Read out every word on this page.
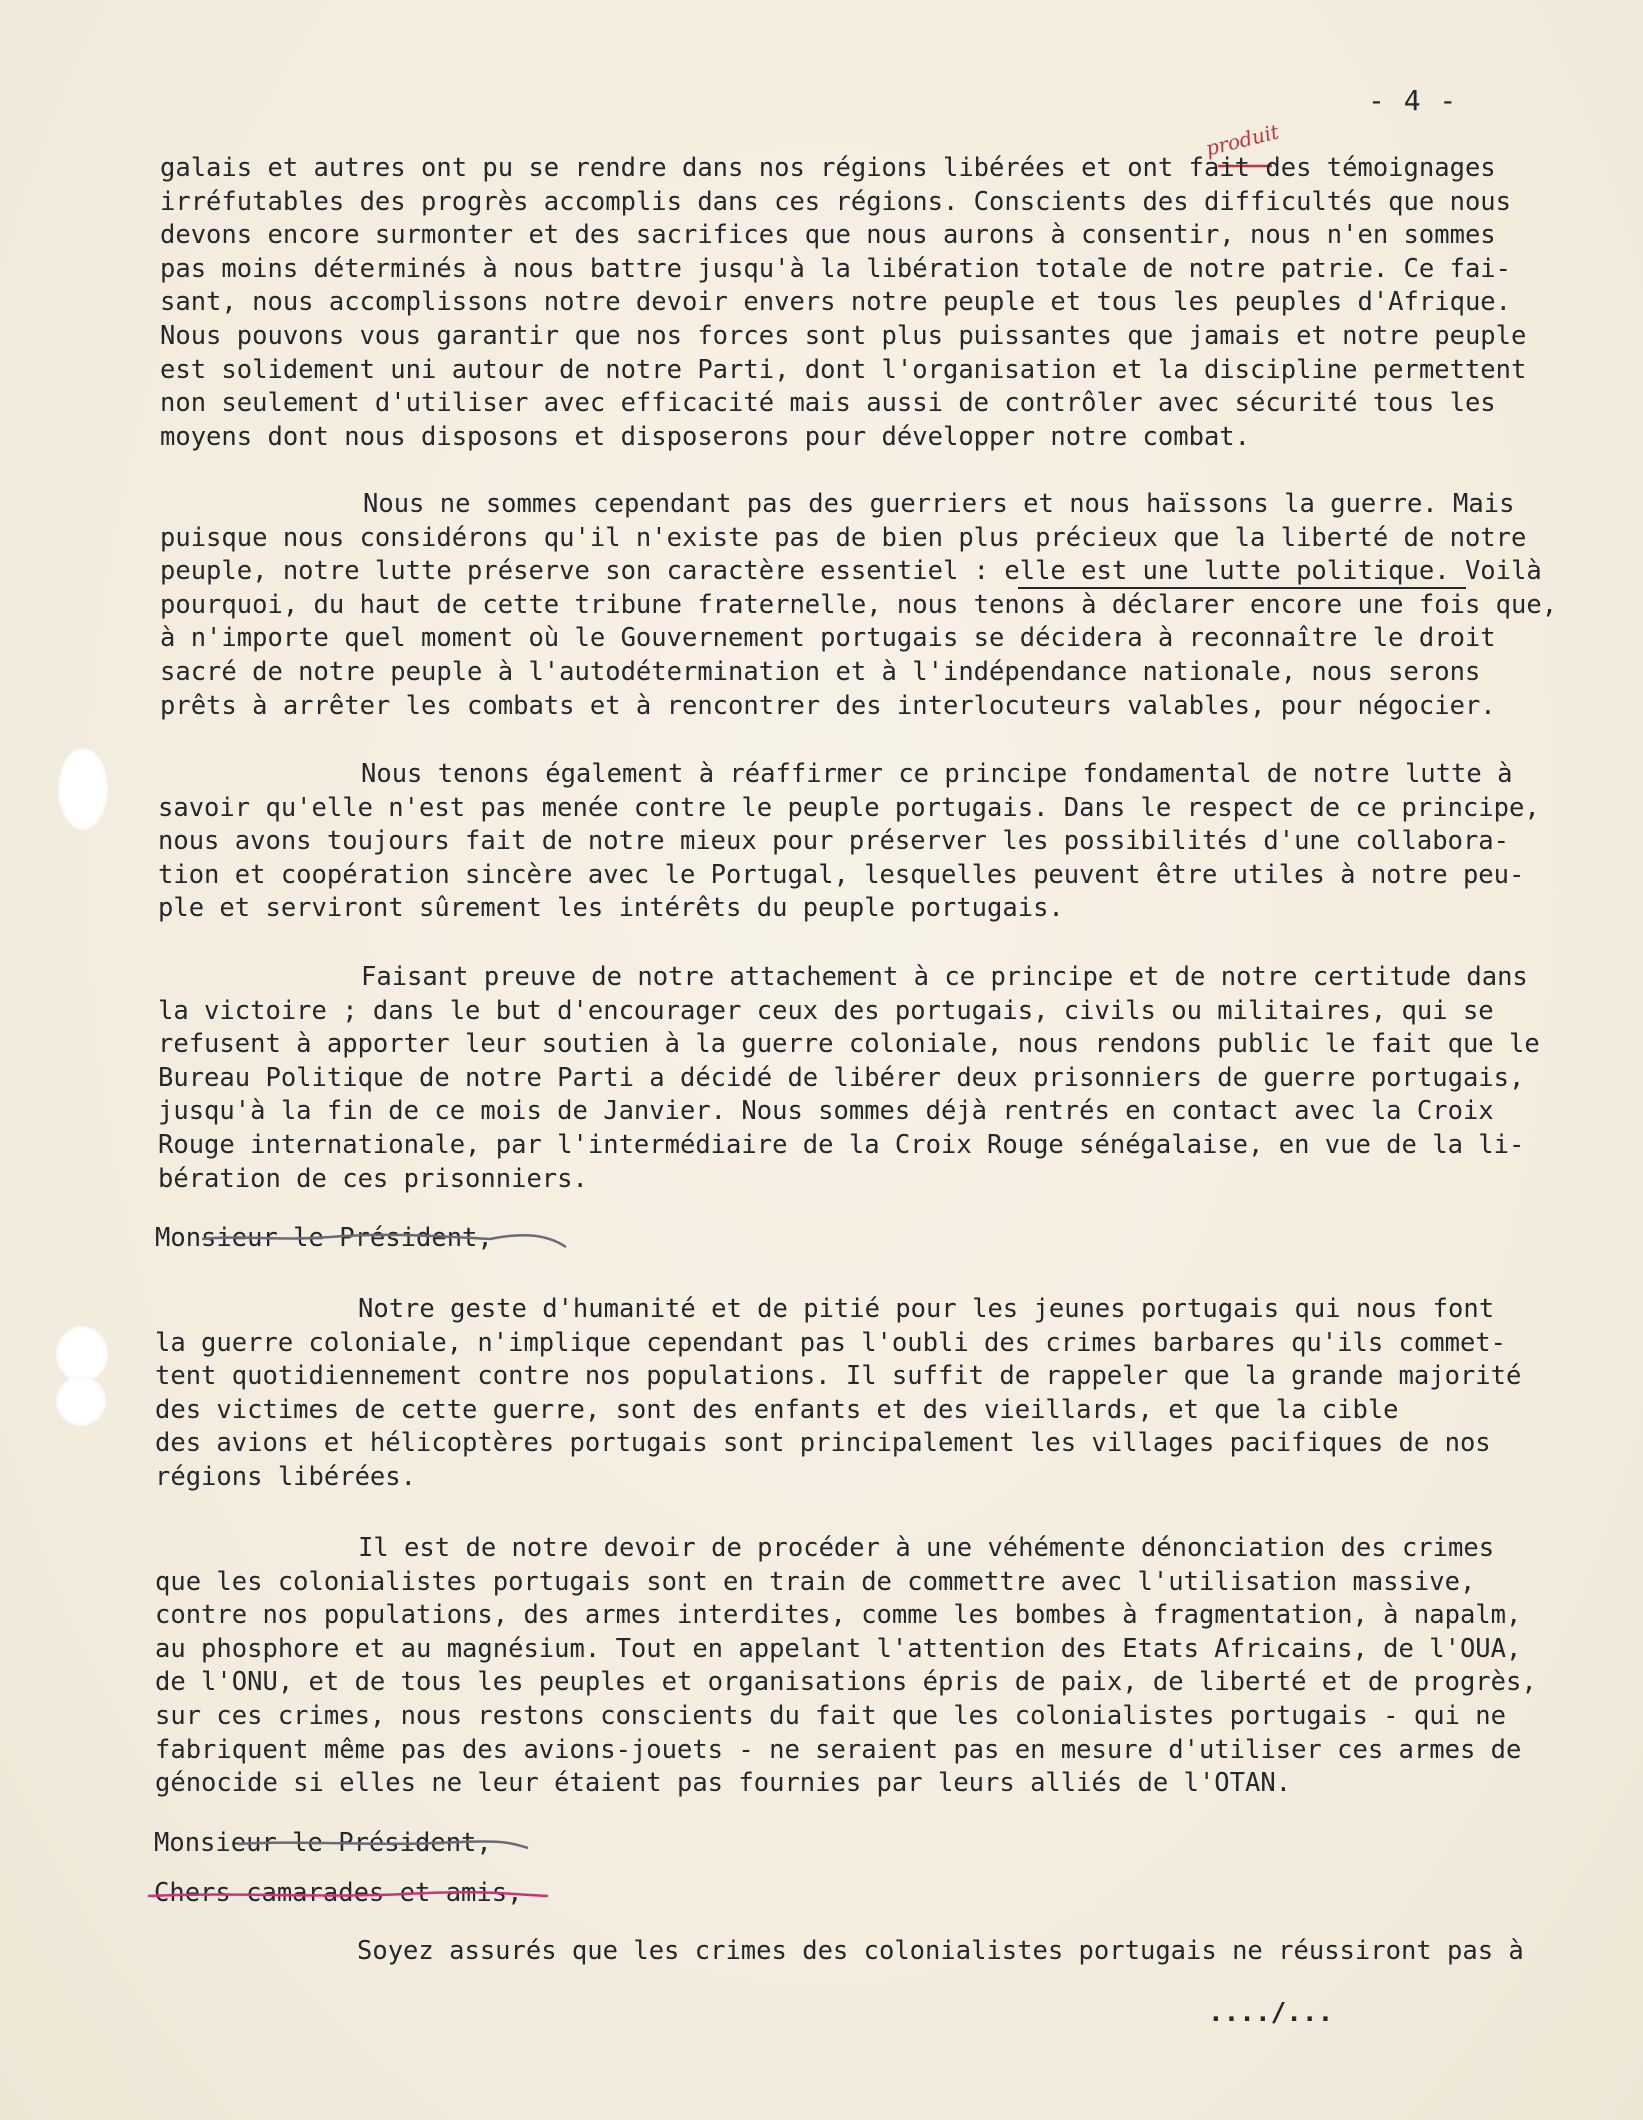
- 4 -
produit
galais et autres ont pu se rendre dans nos régions libérées et ont fait des témoignages
irréfutables des progrès accomplis dans ces régions. Conscients des difficultés que nous
devons encore surmonter et des sacrifices que nous aurons à consentir, nous n'en sommes
pas moins déterminés à nous battre jusqu'à la libération totale de notre patrie. Ce fai-
sant, nous accomplissons notre devoir envers notre peuple et tous les peuples d'Afrique.
Nous pouvons vous garantir que nos forces sont plus puissantes que jamais et notre peuple
est solidement uni autour de notre Parti, dont l'organisation et la discipline permettent
non seulement d'utiliser avec efficacité mais aussi de contrôler avec sécurité tous les
moyens dont nous disposons et disposerons pour développer notre combat.
Nous ne sommes cependant pas des guerriers et nous haïssons la guerre. Mais
puisque nous considérons qu'il n'existe pas de bien plus précieux que la liberté de notre
peuple, notre lutte préserve son caractère essentiel : elle est une lutte politique. Voilà
pourquoi, du haut de cette tribune fraternelle, nous tenons à déclarer encore une fois que,
à n'importe quel moment où le Gouvernement portugais se décidera à reconnaître le droit
sacré de notre peuple à l'autodétermination et à l'indépendance nationale, nous serons
prêts à arrêter les combats et à rencontrer des interlocuteurs valables, pour négocier.
Nous tenons également à réaffirmer ce principe fondamental de notre lutte à
savoir qu'elle n'est pas menée contre le peuple portugais. Dans le respect de ce principe,
nous avons toujours fait de notre mieux pour préserver les possibilités d'une collabora-
tion et coopération sincère avec le Portugal, lesquelles peuvent être utiles à notre peu-
ple et serviront sûrement les intérêts du peuple portugais.
Faisant preuve de notre attachement à ce principe et de notre certitude dans
la victoire ; dans le but d'encourager ceux des portugais, civils ou militaires, qui se
refusent à apporter leur soutien à la guerre coloniale, nous rendons public le fait que le
Bureau Politique de notre Parti a décidé de libérer deux prisonniers de guerre portugais,
jusqu'à la fin de ce mois de Janvier. Nous sommes déjà rentrés en contact avec la Croix
Rouge internationale, par l'intermédiaire de la Croix Rouge sénégalaise, en vue de la li-
bération de ces prisonniers.
Monsieur le Président,
Notre geste d'humanité et de pitié pour les jeunes portugais qui nous font
la guerre coloniale, n'implique cependant pas l'oubli des crimes barbares qu'ils commet-
tent quotidiennement contre nos populations. Il suffit de rappeler que la grande majorité
des victimes de cette guerre, sont des enfants et des vieillards, et que la cible
des avions et hélicoptères portugais sont principalement les villages pacifiques de nos
régions libérées.
Il est de notre devoir de procéder à une véhémente dénonciation des crimes
que les colonialistes portugais sont en train de commettre avec l'utilisation massive,
contre nos populations, des armes interdites, comme les bombes à fragmentation, à napalm,
au phosphore et au magnésium. Tout en appelant l'attention des Etats Africains, de l'OUA,
de l'ONU, et de tous les peuples et organisations épris de paix, de liberté et de progrès,
sur ces crimes, nous restons conscients du fait que les colonialistes portugais - qui ne
fabriquent même pas des avions-jouets - ne seraient pas en mesure d'utiliser ces armes de
génocide si elles ne leur étaient pas fournies par leurs alliés de l'OTAN.
Monsieur le Président,
Chers camarades et amis,
Soyez assurés que les crimes des colonialistes portugais ne réussiront pas à
..../...
